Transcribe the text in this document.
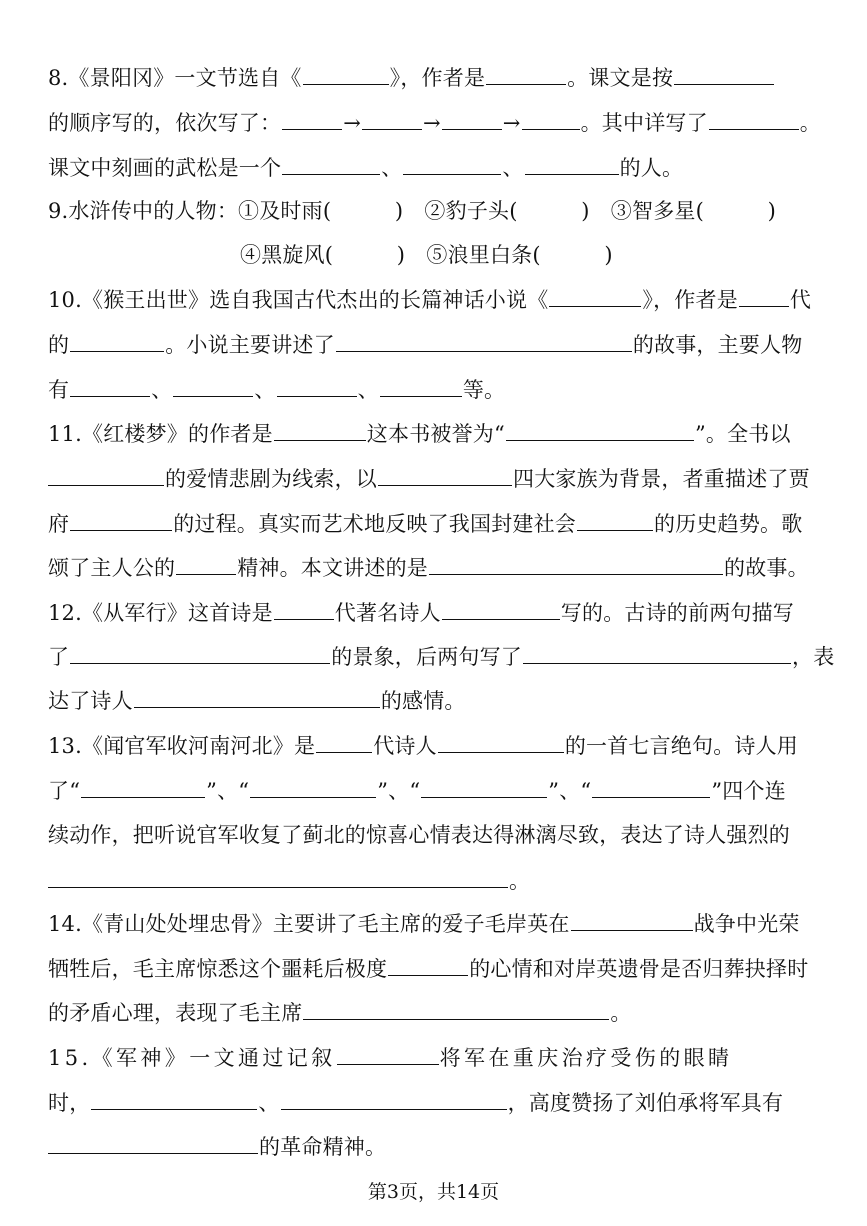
8.《景阳冈》一文节选自《	》，作者是	。课文是按
的顺序写的，依次写了：	→	→	→	。其中详写了	。
课文中刻画的武松是一个	、	、	的人。
9.水浒传中的人物：①及时雨(　　　)　②豹子头(　　　)　③智多星(　　　)
④黑旋风(　　　)　⑤浪里白条(　　　)
10.《猴王出世》选自我国古代杰出的长篇神话小说《	》，作者是 代
的	。小说主要讲述了	的故事，主要人物
有	、	、	、	等。
11.《红楼梦》的作者是	这本书被誉为“	”。全书以
的爱情悲剧为线索，以	四大家族为背景，者重描述了贾
府	的过程。真实而艺术地反映了我国封建社会	的历史趋势。歌
颂了主人公的	精神。本文讲述的是	的故事。
12.《从军行》这首诗是	代著名诗人	写的。古诗的前两句描写
了	的景象，后两句写了	，表
达了诗人	的感情。
13.《闻官军收河南河北》是	代诗人	的一首七言绝句。诗人用
了“	”、“	”、“	”、“	”四个连
续动作，把听说官军收复了蓟北的惊喜心情表达得淋漓尽致，表达了诗人强烈的
。
14.《青山处处埋忠骨》主要讲了毛主席的爱子毛岸英在	战争中光荣
牺牲后，毛主席惊悉这个噩耗后极度	的心情和对岸英遗骨是否归葬抉择时
的矛盾心理，表现了毛主席	。
15.《军神》一文通过记叙	将军在重庆治疗受伤的眼睛
时，	、	，高度赞扬了刘伯承将军具有
的革命精神。
第3页，共14页
